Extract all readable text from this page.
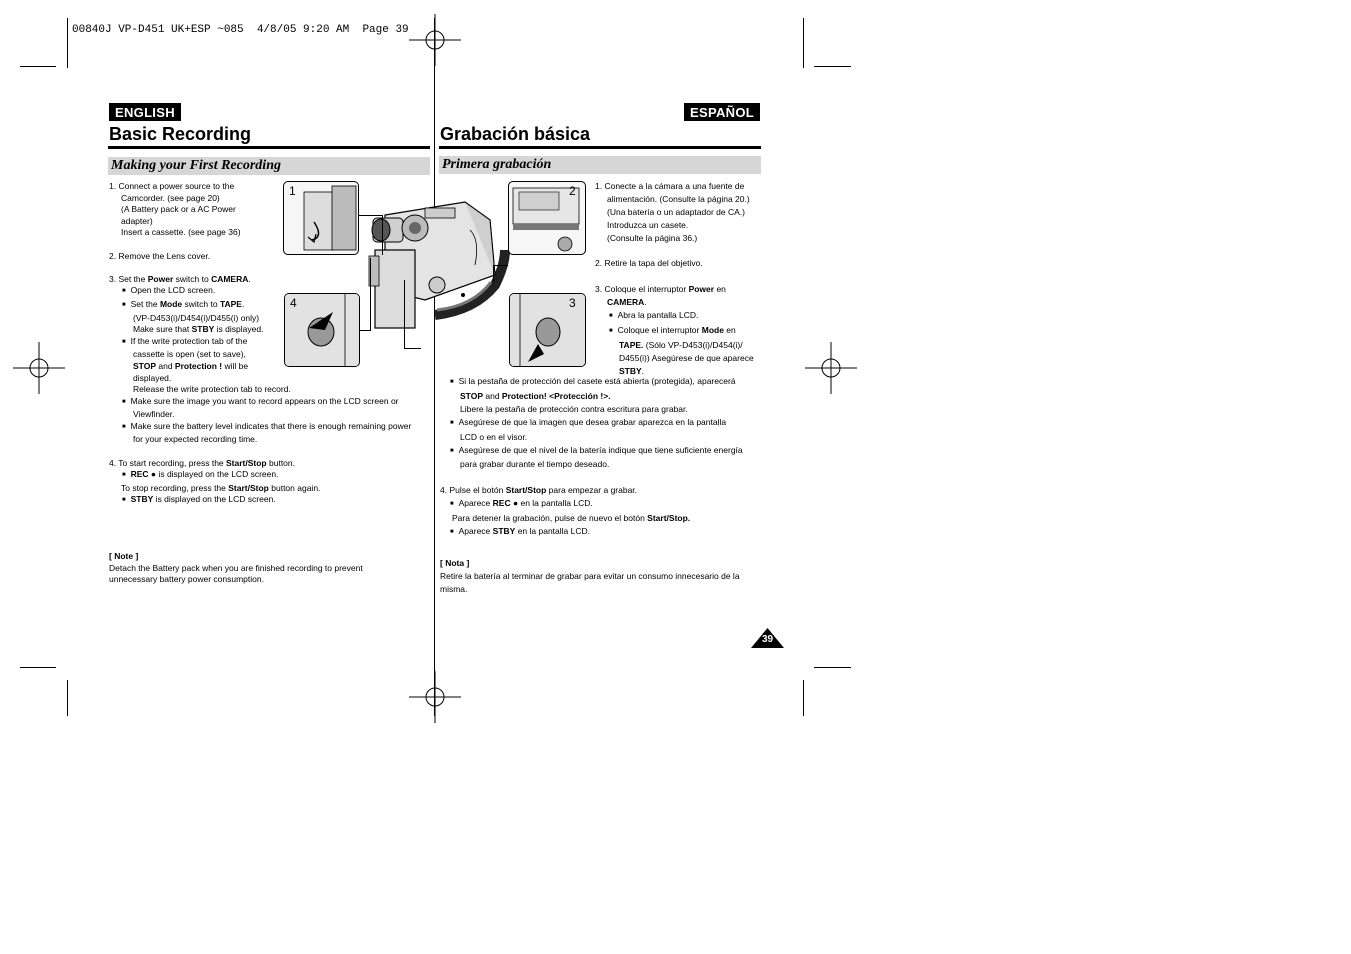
00840J VP-D451 UK+ESP ~085  4/8/05 9:20 AM  Page 39
ENGLISH
Basic Recording
Making your First Recording
ESPAÑOL
Grabación básica
Primera grabación

1. Connect a power source to the

Camcorder. (see page 20)

(A Battery pack or a AC Power

adapter)

Insert a cassette. (see page 36)

2. Remove the Lens cover.

3. Set the Power switch to CAMERA.

■ Open the LCD screen.

■ Set the Mode switch to TAPE.

(VP-D453(i)/D454(i)/D455(i) only)

Make sure that STBY is displayed.

■ If the write protection tab of the

cassette is open (set to save),

STOP and Protection ! will be

displayed.

Release the write protection tab to record.

■ Make sure the image you want to record appears on the LCD screen or

Viewfinder.

■ Make sure the battery level indicates that there is enough remaining power

for your expected recording time.

4. To start recording, press the Start/Stop button.

■ REC ● is displayed on the LCD screen.

To stop recording, press the Start/Stop button again.

■ STBY is displayed on the LCD screen.

[ Note ]

Detach the Battery pack when you are finished recording to prevent

unnecessary battery power consumption.

1. Conecte a la cámara a una fuente de

alimentación. (Consulte la página 20.)

(Una batería o un adaptador de CA.)

Introduzca un casete.

(Consulte la página 36.)

2. Retire la tapa del objetivo.

3. Coloque el interruptor Power en

CAMERA.

■ Abra la pantalla LCD.

■ Coloque el interruptor Mode en

TAPE. (Sólo VP-D453(i)/D454(i)/

D455(i)) Asegúrese de que aparece

STBY.

■ Si la pestaña de protección del casete está abierta (protegida), aparecerá

STOP and Protection! <Protección !>.

Libere la pestaña de protección contra escritura para grabar.

■ Asegúrese de que la imagen que desea grabar aparezca en la pantalla

LCD o en el visor.

■ Asegúrese de que el nivel de la batería indique que tiene suficiente energía

para grabar durante el tiempo deseado.

4. Pulse el botón Start/Stop para empezar a grabar.

■ Aparece REC ● en la pantalla LCD.

Para detener la grabación, pulse de nuevo el botón Start/Stop.

■ Aparece STBY en la pantalla LCD.

[ Nota ]

Retire la batería al terminar de grabar para evitar un consumo innecesario de la

misma.

1	2
3
4
39
